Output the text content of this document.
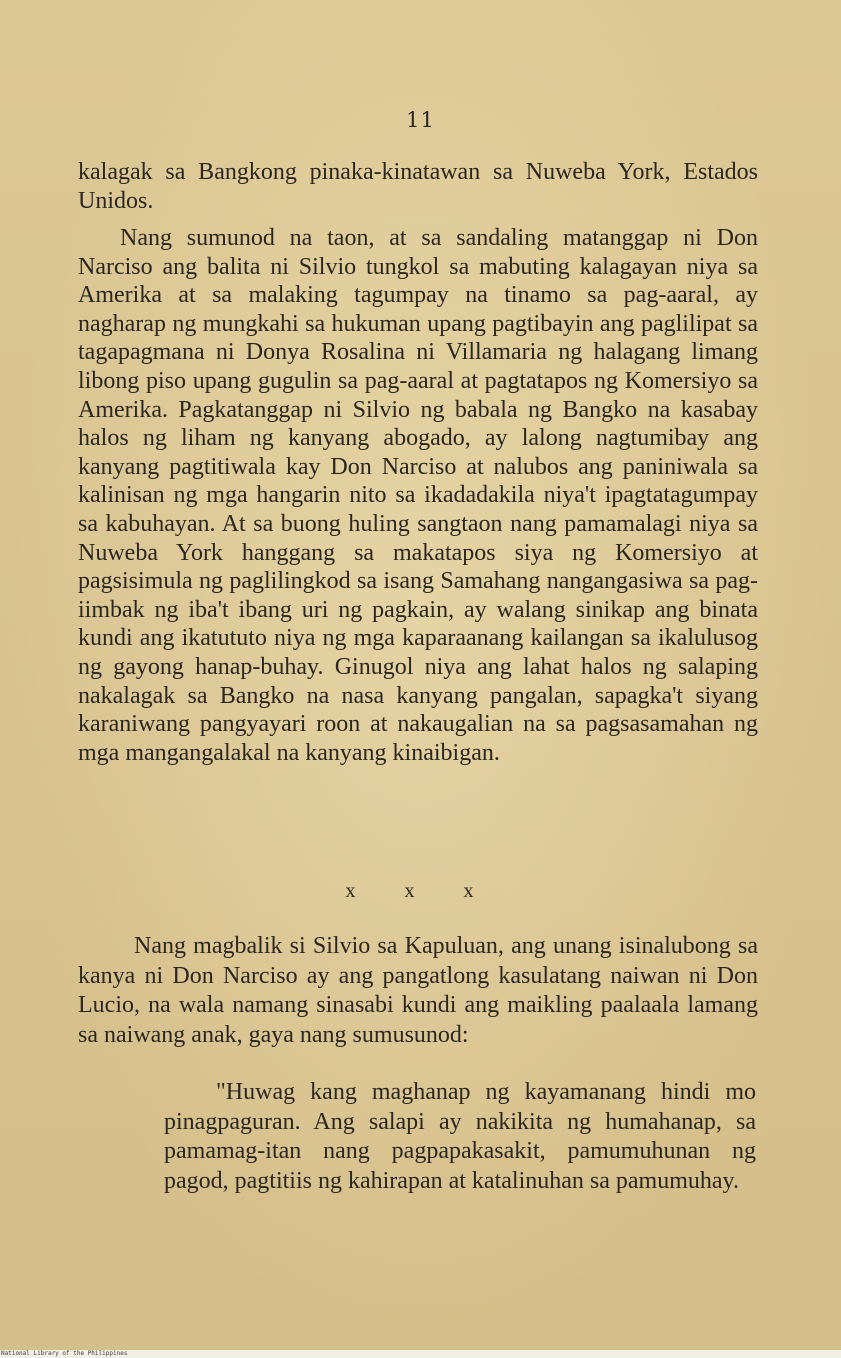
11
kalagak sa Bangkong pinaka-kinatawan sa Nuweba York, Estados Unidos.
Nang sumunod na taon, at sa sandaling matanggap ni Don Narciso ang balita ni Silvio tungkol sa mabuting kalagayan niya sa Amerika at sa malaking tagumpay na tinamo sa pag-aaral, ay nagharap ng mungkahi sa hukuman upang pagtibayin ang paglilipat sa tagapagmana ni Donya Rosalina ni Villamaria ng halagang limang libong piso upang gugulin sa pag-aaral at pagtatapos ng Komersiyo sa Amerika. Pagkatanggap ni Silvio ng babala ng Bangko na kasabay halos ng liham ng kanyang abogado, ay lalong nagtumibay ang kanyang pagtitiwala kay Don Narciso at nalubos ang paniniwala sa kalinisan ng mga hangarin nito sa ikadadakila niya't ipagtatagumpay sa kabuhayan. At sa buong huling sangtaon nang pamamalagi niya sa Nuweba York hanggang sa makatapos siya ng Komersiyo at pagsisimula ng paglilingkod sa isang Samahang nangangasiwa sa pag-iimbak ng iba't ibang uri ng pagkain, ay walang sinikap ang binata kundi ang ikatututo niya ng mga kaparaanang kailangan sa ikalulusog ng gayong hanap-buhay. Ginugol niya ang lahat halos ng salaping nakalagak sa Bangko na nasa kanyang pangalan, sapagka't siyang karaniwang pangyayari roon at nakaugalian na sa pagsasamahan ng mga mangangalakal na kanyang kinaibigan.
x x x
Nang magbalik si Silvio sa Kapuluan, ang unang isinalubong sa kanya ni Don Narciso ay ang pangatlong kasulatang naiwan ni Don Lucio, na wala namang sinasabi kundi ang maikling paalaala lamang sa naiwang anak, gaya nang sumusunod:
"Huwag kang maghanap ng kayamanang hindi mo pinagpaguran. Ang salapi ay nakikita ng humahanap, sa pamamag-itan nang pagpapakasakit, pamumuhunan ng pagod, pagtitiis ng kahirapan at katalinuhan sa pamumuhay.
National Library of the Philippines
